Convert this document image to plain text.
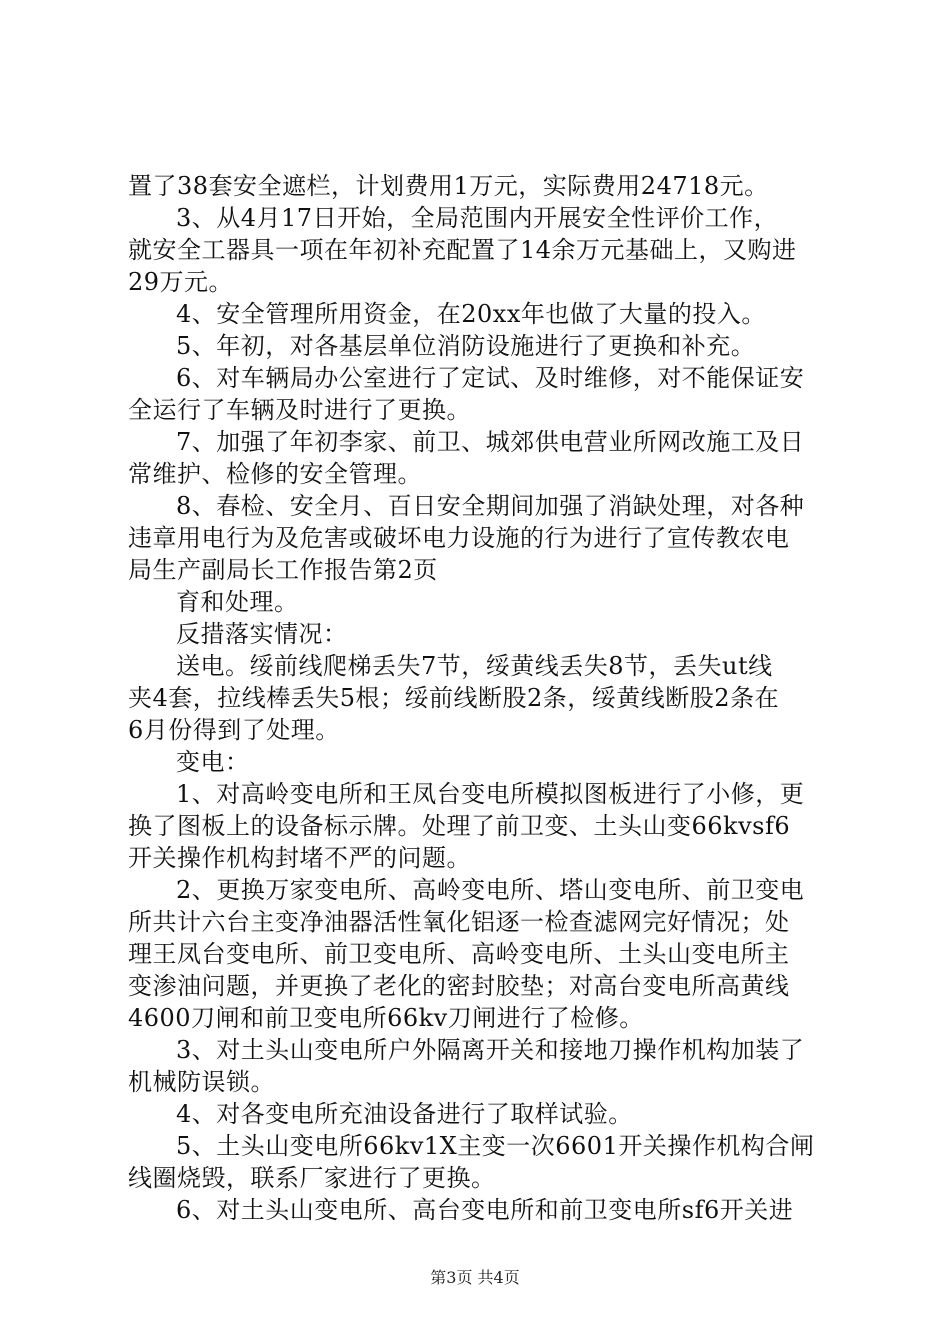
置了38套安全遮栏，计划费用1万元，实际费用24718元。
3、从4月17日开始，全局范围内开展安全性评价工作，
就安全工器具一项在年初补充配置了14余万元基础上，又购进
29万元。
4、安全管理所用资金，在20xx年也做了大量的投入。
5、年初，对各基层单位消防设施进行了更换和补充。
6、对车辆局办公室进行了定试、及时维修，对不能保证安
全运行了车辆及时进行了更换。
7、加强了年初李家、前卫、城郊供电营业所网改施工及日
常维护、检修的安全管理。
8、春检、安全月、百日安全期间加强了消缺处理，对各种
违章用电行为及危害或破坏电力设施的行为进行了宣传教农电
局生产副局长工作报告第2页
育和处理。
反措落实情况：
送电。绥前线爬梯丢失7节，绥黄线丢失8节，丢失ut线
夹4套，拉线棒丢失5根；绥前线断股2条，绥黄线断股2条在
6月份得到了处理。
变电：
1、对高岭变电所和王凤台变电所模拟图板进行了小修，更
换了图板上的设备标示牌。处理了前卫变、土头山变66kvsf6
开关操作机构封堵不严的问题。
2、更换万家变电所、高岭变电所、塔山变电所、前卫变电
所共计六台主变净油器活性氧化铝逐一检查滤网完好情况；处
理王凤台变电所、前卫变电所、高岭变电所、土头山变电所主
变渗油问题，并更换了老化的密封胶垫；对高台变电所高黄线
4600刀闸和前卫变电所66kv刀闸进行了检修。
3、对土头山变电所户外隔离开关和接地刀操作机构加装了
机械防误锁。
4、对各变电所充油设备进行了取样试验。
5、土头山变电所66kv1X主变一次6601开关操作机构合闸
线圈烧毁，联系厂家进行了更换。
6、对土头山变电所、高台变电所和前卫变电所sf6开关进
第3页 共4页
